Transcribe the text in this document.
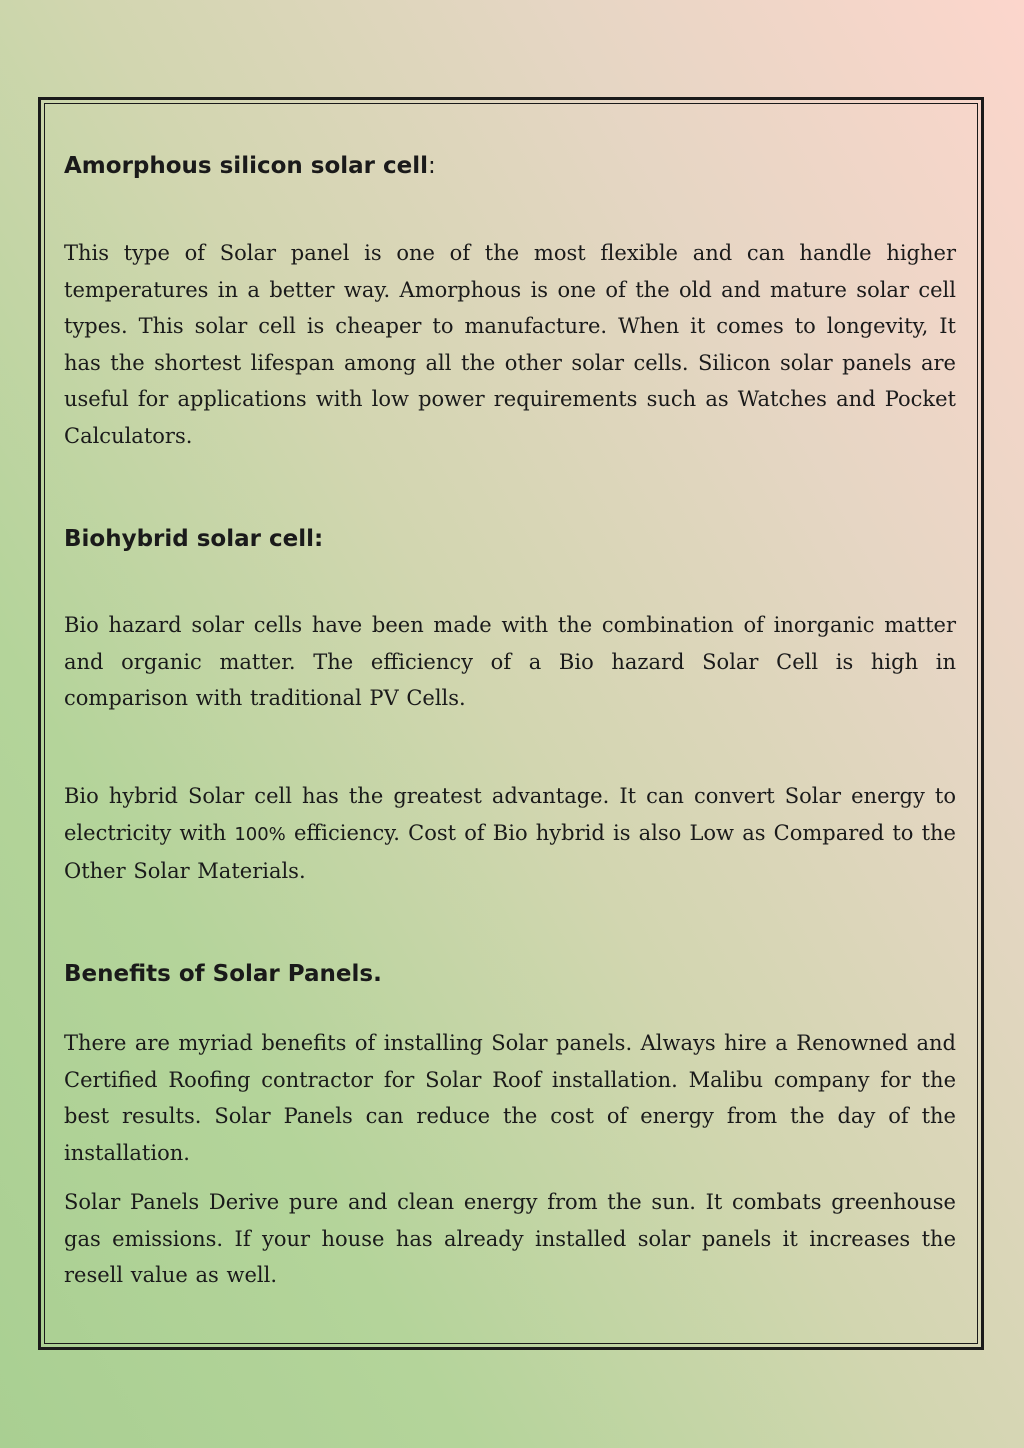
Amorphous silicon solar cell:

This type of Solar panel is one of the most flexible and can handle higher temperatures in a better way. Amorphous is one of the old and mature solar cell types. This solar cell is cheaper to manufacture. When it comes to longevity, It has the shortest lifespan among all the other solar cells. Silicon solar panels are useful for applications with low power requirements such as Watches and Pocket Calculators.

Biohybrid solar cell:

Bio hazard solar cells have been made with the combination of inorganic matter and organic matter. The efficiency of a Bio hazard Solar Cell is high in comparison with traditional PV Cells.

Bio hybrid Solar cell has the greatest advantage. It can convert Solar energy to electricity with 100% efficiency. Cost of Bio hybrid is also Low as Compared to the Other Solar Materials.

Benefits of Solar Panels.

There are myriad benefits of installing Solar panels. Always hire a Renowned and Certified Roofing contractor for Solar Roof installation. Malibu company for the best results. Solar Panels can reduce the cost of energy from the day of the installation.

Solar Panels Derive pure and clean energy from the sun. It combats greenhouse gas emissions. If your house has already installed solar panels it increases the resell value as well.
